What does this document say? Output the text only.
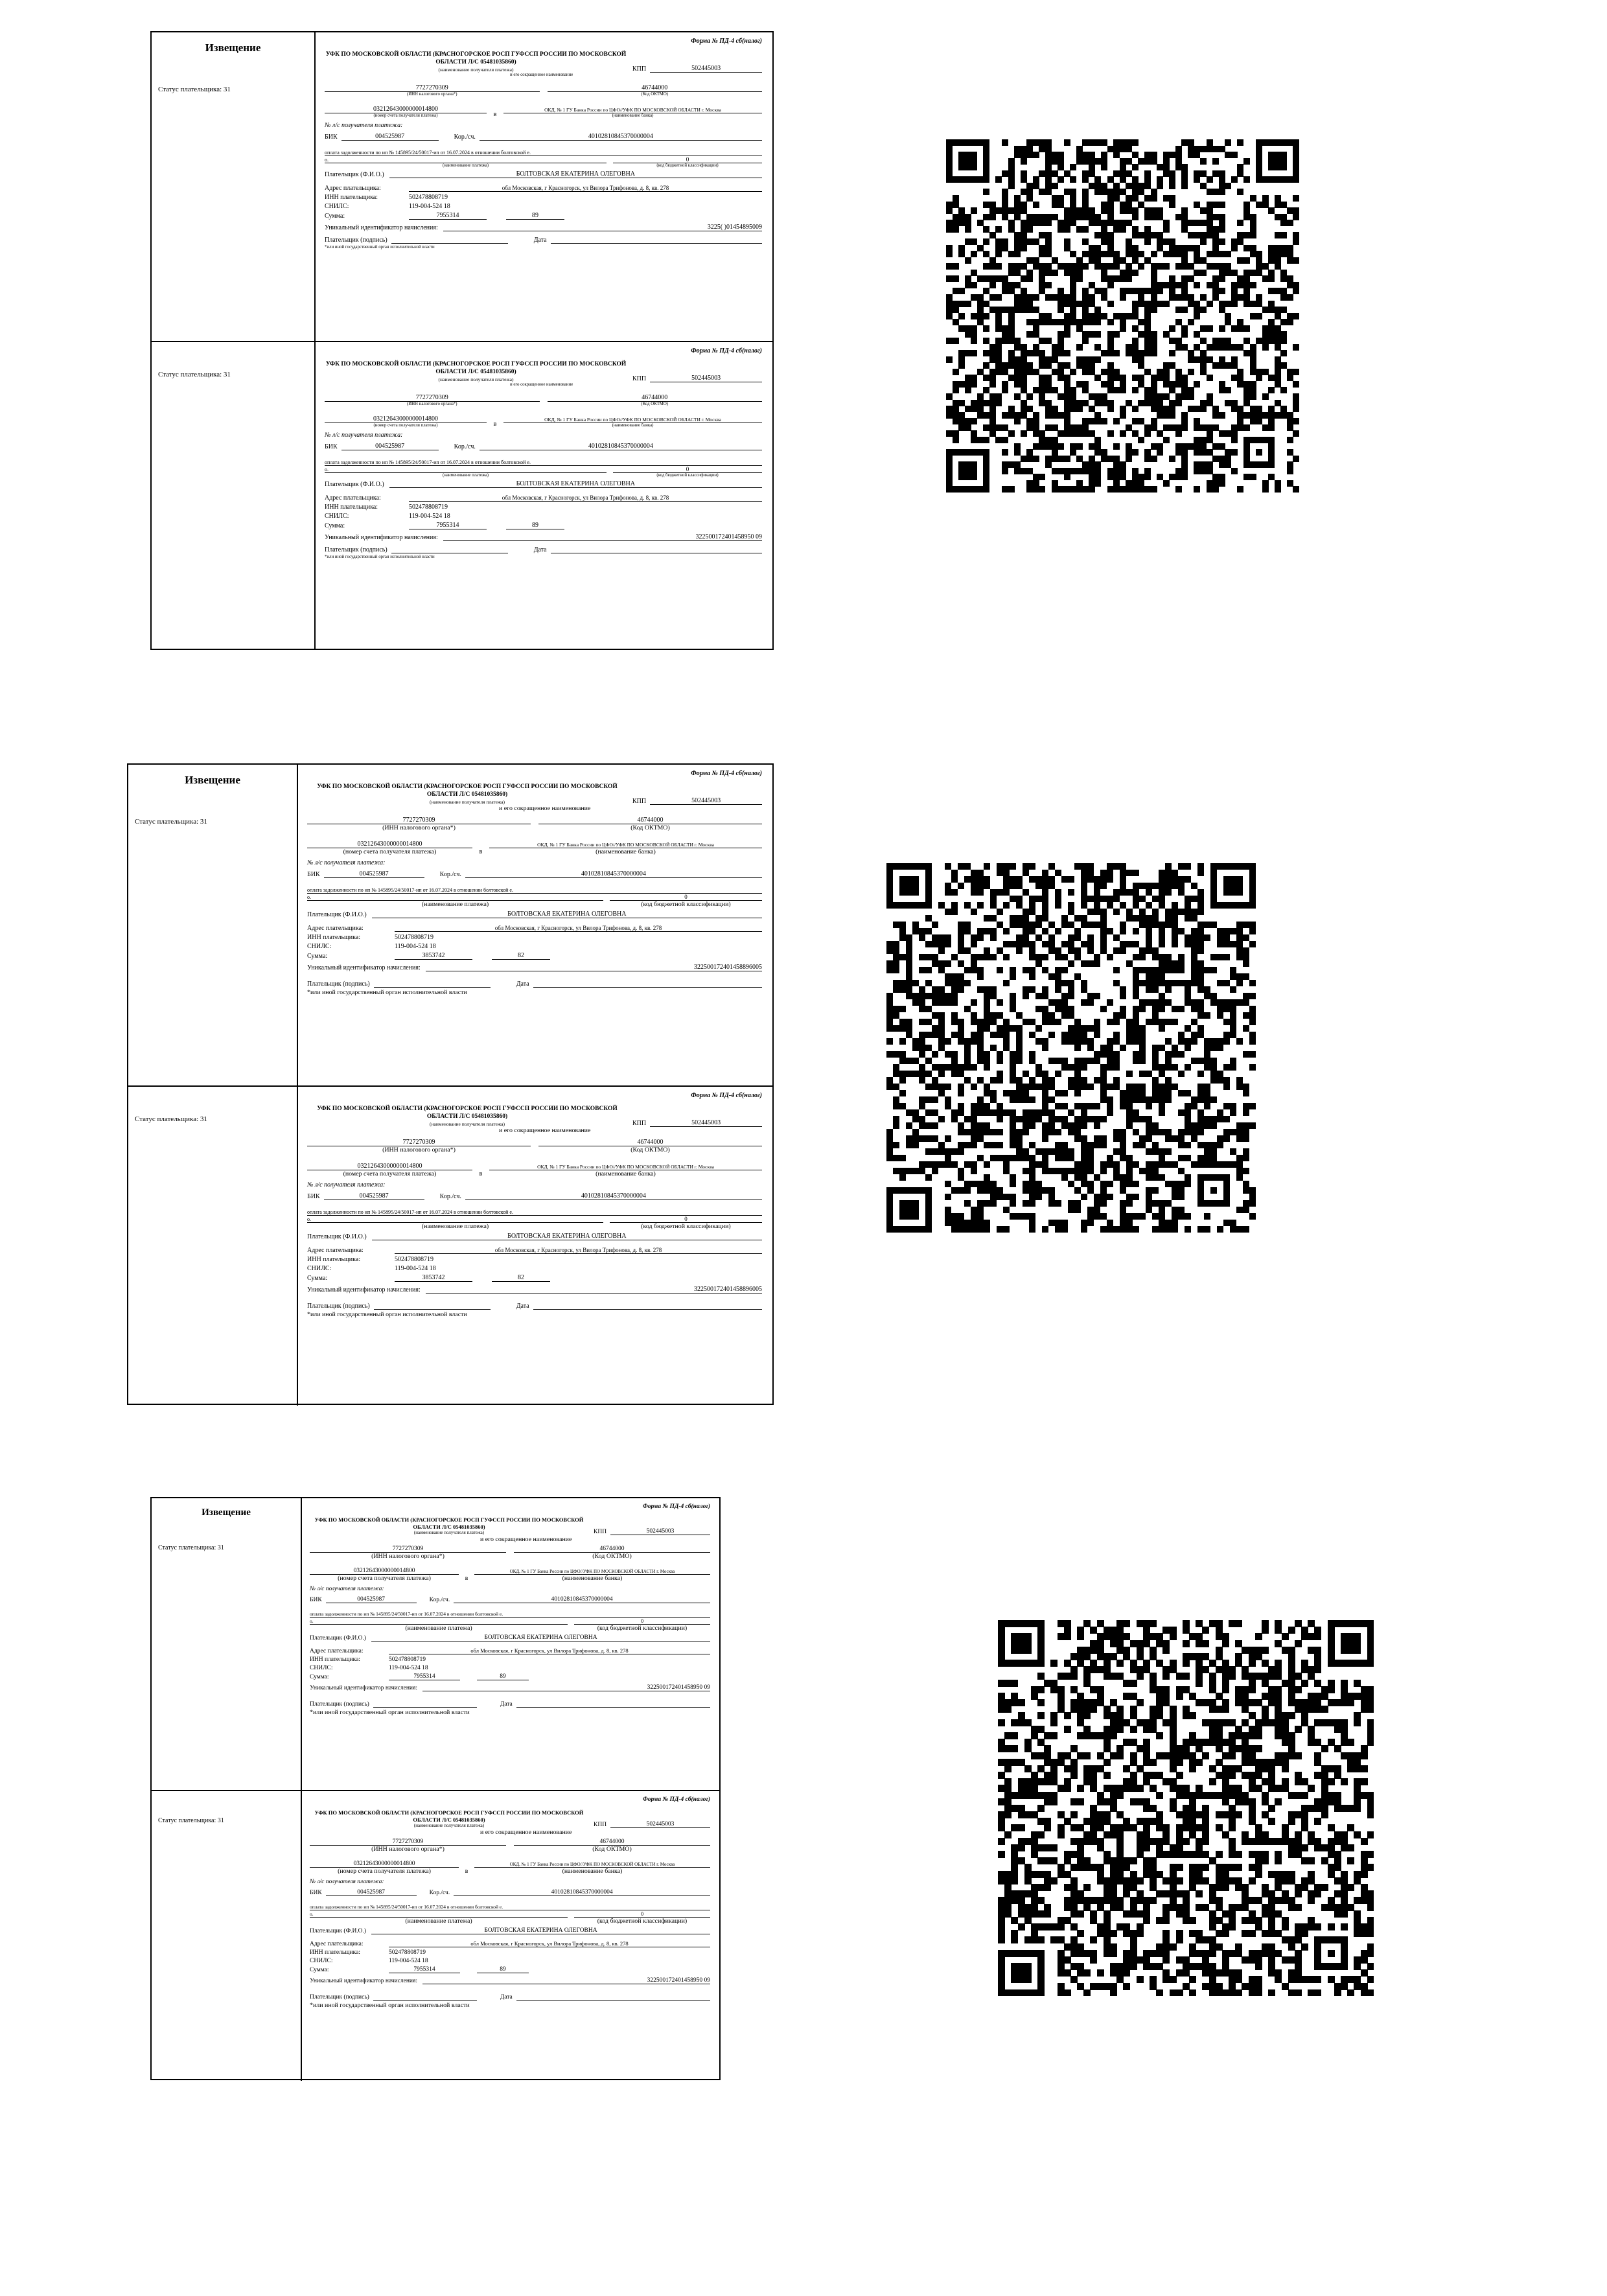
Извещение
Статус плательщика: 31
Форма № ПД-4 сб(налог)
УФК ПО МОСКОВСКОЙ ОБЛАСТИ (КРАСНОГОРСКОЕ РОСП ГУФССП РОССИИ ПО МОСКОВСКОЙ ОБЛАСТИ Л/С 05481035860)
(наименование получателя платежа)	КПП	502445003
7727270309
(ИНН налогового органа*)
46744000
(Код ОКТМО)
и его сокращенное наименование
03212643000000014800
(номер счета получателя платежа)	в
ОКД, № 1 ГУ Банка России по ЦФО//УФК ПО МОСКОВСКОЙ ОБЛАСТИ г. Москва
(наименование банка)
№ л/с получателя платежа:
БИК	004525987	Кор./сч.	40102810845370000004
оплата задолженности по ип № 145895/24/50017-ип от 16.07.2024 в отношении болтовской е.
о.	0
(наименование платежа)	(код бюджетной классификации)
Плательщик (Ф.И.О.)	БОЛТОВСКАЯ ЕКАТЕРИНА ОЛЕГОВНА
Адрес плательщика:	обл Московская, г Красногорск, ул Вилора Трифонова, д. 8, кв. 278
ИНН плательщика:	502478808719
СНИЛС:	119-004-524 18
Сумма:	7955314	89
Уникальный идентификатор начисления:	3225( )01454895009
Плательщик (подпись)
	Дата

*или иной государственный орган исполнительной власти
Статус плательщика: 31
Форма № ПД-4 сб(налог)
УФК ПО МОСКОВСКОЙ ОБЛАСТИ (КРАСНОГОРСКОЕ РОСП ГУФССП РОССИИ ПО МОСКОВСКОЙ ОБЛАСТИ Л/С 05481035860)
(наименование получателя платежа)	КПП	502445003
7727270309
(ИНН налогового органа*)
46744000
(Код ОКТМО)
и его сокращенное наименование
03212643000000014800
(номер счета получателя платежа)	в
ОКД, № 1 ГУ Банка России по ЦФО//УФК ПО МОСКОВСКОЙ ОБЛАСТИ г. Москва
(наименование банка)
№ л/с получателя платежа:
БИК	004525987	Кор./сч.	40102810845370000004
оплата задолженности по ип № 145895/24/50017-ип от 16.07.2024 в отношении болтовской е.
о.	0
(наименование платежа)	(код бюджетной классификации)
Плательщик (Ф.И.О.)	БОЛТОВСКАЯ ЕКАТЕРИНА ОЛЕГОВНА
Адрес плательщика:	обл Московская, г Красногорск, ул Вилора Трифонова, д. 8, кв. 278
ИНН плательщика:	502478808719
СНИЛС:	119-004-524 18
Сумма:	7955314	89
Уникальный идентификатор начисления:	322500172401458950 09
Плательщик (подпись)
	Дата

*или иной государственный орган исполнительной власти
Извещение
Статус плательщика: 31
Форма № ПД-4 сб(налог)
УФК ПО МОСКОВСКОЙ ОБЛАСТИ (КРАСНОГОРСКОЕ РОСП ГУФССП РОССИИ ПО МОСКОВСКОЙ ОБЛАСТИ Л/С 05481035860)
(наименование получателя платежа)	КПП	502445003
7727270309
(ИНН налогового органа*)
46744000
(Код ОКТМО)
и его сокращенное наименование
03212643000000014800
(номер счета получателя платежа)	в
ОКД, № 1 ГУ Банка России по ЦФО//УФК ПО МОСКОВСКОЙ ОБЛАСТИ г. Москва
(наименование банка)
№ л/с получателя платежа:
БИК	004525987	Кор./сч.	40102810845370000004
оплата задолженности по ип № 145895/24/50017-ип от 16.07.2024 в отношении болтовской е.
о.	0
(наименование платежа)	(код бюджетной классификации)
Плательщик (Ф.И.О.)	БОЛТОВСКАЯ ЕКАТЕРИНА ОЛЕГОВНА
Адрес плательщика:	обл Московская, г Красногорск, ул Вилора Трифонова, д. 8, кв. 278
ИНН плательщика:	502478808719
СНИЛС:	119-004-524 18
Сумма:	3853742	82
Уникальный идентификатор начисления:	322500172401458896005
Плательщик (подпись)
	Дата

*или иной государственный орган исполнительной власти
Статус плательщика: 31
Форма № ПД-4 сб(налог)
УФК ПО МОСКОВСКОЙ ОБЛАСТИ (КРАСНОГОРСКОЕ РОСП ГУФССП РОССИИ ПО МОСКОВСКОЙ ОБЛАСТИ Л/С 05481035860)
(наименование получателя платежа)	КПП	502445003
7727270309
(ИНН налогового органа*)
46744000
(Код ОКТМО)
и его сокращенное наименование
03212643000000014800
(номер счета получателя платежа)	в
ОКД, № 1 ГУ Банка России по ЦФО//УФК ПО МОСКОВСКОЙ ОБЛАСТИ г. Москва
(наименование банка)
№ л/с получателя платежа:
БИК	004525987	Кор./сч.	40102810845370000004
оплата задолженности по ип № 145895/24/50017-ип от 16.07.2024 в отношении болтовской е.
о.	0
(наименование платежа)	(код бюджетной классификации)
Плательщик (Ф.И.О.)	БОЛТОВСКАЯ ЕКАТЕРИНА ОЛЕГОВНА
Адрес плательщика:	обл Московская, г Красногорск, ул Вилора Трифонова, д. 8, кв. 278
ИНН плательщика:	502478808719
СНИЛС:	119-004-524 18
Сумма:	3853742	82
Уникальный идентификатор начисления:	322500172401458896005
Плательщик (подпись)
	Дата

*или иной государственный орган исполнительной власти
Извещение
Статус плательщика: 31
Форма № ПД-4 сб(налог)
УФК ПО МОСКОВСКОЙ ОБЛАСТИ (КРАСНОГОРСКОЕ РОСП ГУФССП РОССИИ ПО МОСКОВСКОЙ ОБЛАСТИ Л/С 05481035860)
(наименование получателя платежа)	КПП	502445003
7727270309
(ИНН налогового органа*)
46744000
(Код ОКТМО)
и его сокращенное наименование
03212643000000014800
(номер счета получателя платежа)	в
ОКД, № 1 ГУ Банка России по ЦФО//УФК ПО МОСКОВСКОЙ ОБЛАСТИ г. Москва
(наименование банка)
№ л/с получателя платежа:
БИК	004525987	Кор./сч.	40102810845370000004
оплата задолженности по ип № 145895/24/50017-ип от 16.07.2024 в отношении болтовской е.
о.	0
(наименование платежа)	(код бюджетной классификации)
Плательщик (Ф.И.О.)	БОЛТОВСКАЯ ЕКАТЕРИНА ОЛЕГОВНА
Адрес плательщика:	обл Московская, г Красногорск, ул Вилора Трифонова, д. 8, кв. 278
ИНН плательщика:	502478808719
СНИЛС:	119-004-524 18
Сумма:	7955314	89
Уникальный идентификатор начисления:	322500172401458950 09
Плательщик (подпись)
	Дата

*или иной государственный орган исполнительной власти
Статус плательщика: 31
Форма № ПД-4 сб(налог)
УФК ПО МОСКОВСКОЙ ОБЛАСТИ (КРАСНОГОРСКОЕ РОСП ГУФССП РОССИИ ПО МОСКОВСКОЙ ОБЛАСТИ Л/С 05481035860)
(наименование получателя платежа)	КПП	502445003
7727270309
(ИНН налогового органа*)
46744000
(Код ОКТМО)
и его сокращенное наименование
03212643000000014800
(номер счета получателя платежа)	в
ОКД, № 1 ГУ Банка России по ЦФО//УФК ПО МОСКОВСКОЙ ОБЛАСТИ г. Москва
(наименование банка)
№ л/с получателя платежа:
БИК	004525987	Кор./сч.	40102810845370000004
оплата задолженности по ип № 145895/24/50017-ип от 16.07.2024 в отношении болтовской е.
о.	0
(наименование платежа)	(код бюджетной классификации)
Плательщик (Ф.И.О.)	БОЛТОВСКАЯ ЕКАТЕРИНА ОЛЕГОВНА
Адрес плательщика:	обл Московская, г Красногорск, ул Вилора Трифонова, д. 8, кв. 278
ИНН плательщика:	502478808719
СНИЛС:	119-004-524 18
Сумма:	7955314	89
Уникальный идентификатор начисления:	322500172401458950 09
Плательщик (подпись)
	Дата

*или иной государственный орган исполнительной власти
